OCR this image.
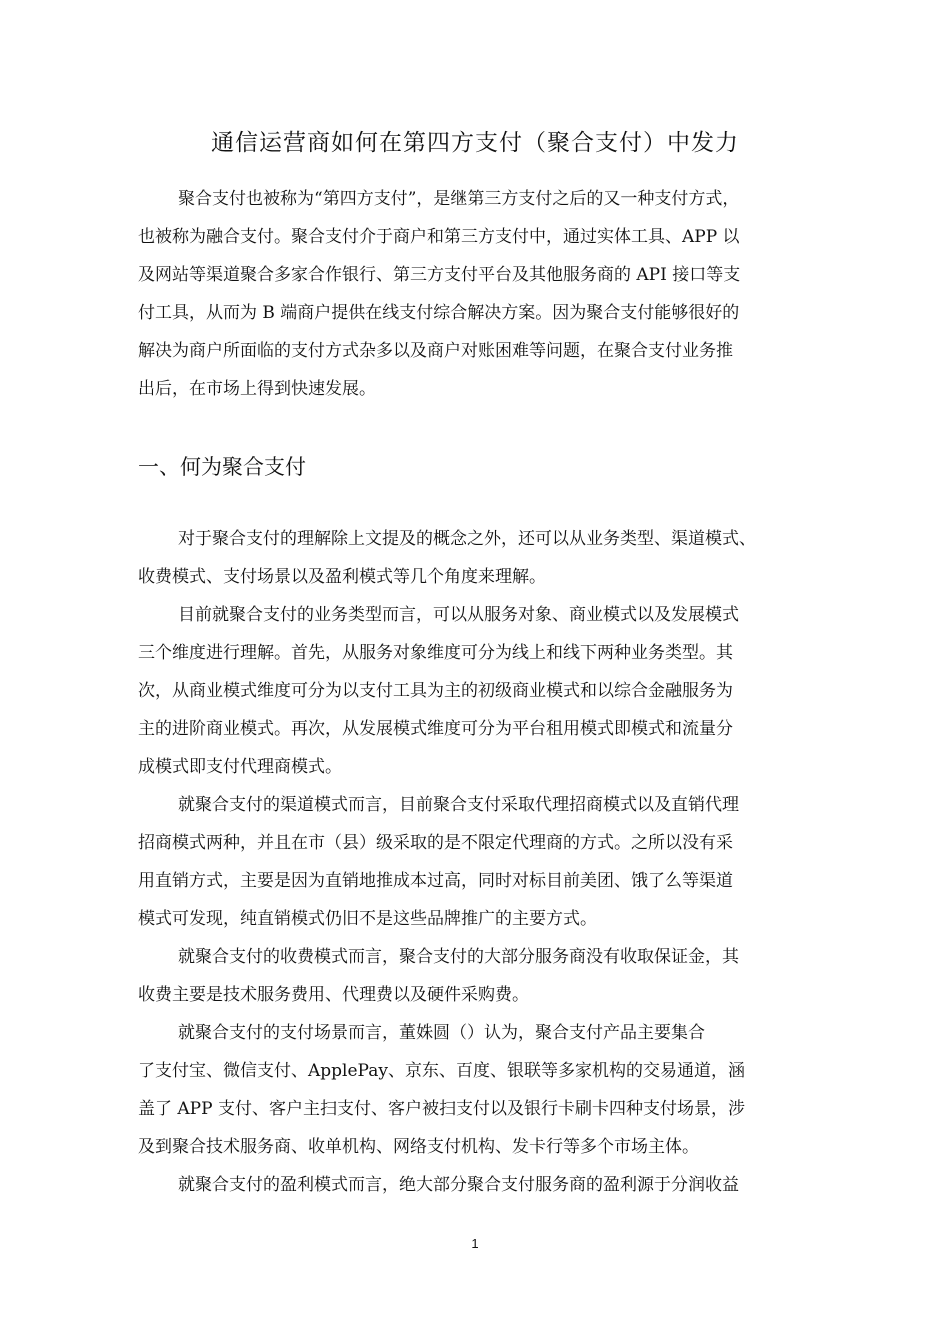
通信运营商如何在第四方支付（聚合支付）中发力
聚合支付也被称为“第四方支付”，是继第三方支付之后的又一种支付方式，
也被称为融合支付。聚合支付介于商户和第三方支付中，通过实体工具、APP 以
及网站等渠道聚合多家合作银行、第三方支付平台及其他服务商的 API 接口等支
付工具，从而为 B 端商户提供在线支付综合解决方案。因为聚合支付能够很好的
解决为商户所面临的支付方式杂多以及商户对账困难等问题，在聚合支付业务推
出后，在市场上得到快速发展。
一、何为聚合支付
对于聚合支付的理解除上文提及的概念之外，还可以从业务类型、渠道模式、
收费模式、支付场景以及盈利模式等几个角度来理解。
目前就聚合支付的业务类型而言，可以从服务对象、商业模式以及发展模式
三个维度进行理解。首先，从服务对象维度可分为线上和线下两种业务类型。其
次，从商业模式维度可分为以支付工具为主的初级商业模式和以综合金融服务为
主的进阶商业模式。再次，从发展模式维度可分为平台租用模式即模式和流量分
成模式即支付代理商模式。
就聚合支付的渠道模式而言，目前聚合支付采取代理招商模式以及直销代理
招商模式两种，并且在市（县）级采取的是不限定代理商的方式。之所以没有采
用直销方式，主要是因为直销地推成本过高，同时对标目前美团、饿了么等渠道
模式可发现，纯直销模式仍旧不是这些品牌推广的主要方式。
就聚合支付的收费模式而言，聚合支付的大部分服务商没有收取保证金，其
收费主要是技术服务费用、代理费以及硬件采购费。
就聚合支付的支付场景而言，董姝圆（）认为，聚合支付产品主要集合
了支付宝、微信支付、ApplePay、京东、百度、银联等多家机构的交易通道，涵
盖了 APP 支付、客户主扫支付、客户被扫支付以及银行卡刷卡四种支付场景，涉
及到聚合技术服务商、收单机构、网络支付机构、发卡行等多个市场主体。
就聚合支付的盈利模式而言，绝大部分聚合支付服务商的盈利源于分润收益
1
